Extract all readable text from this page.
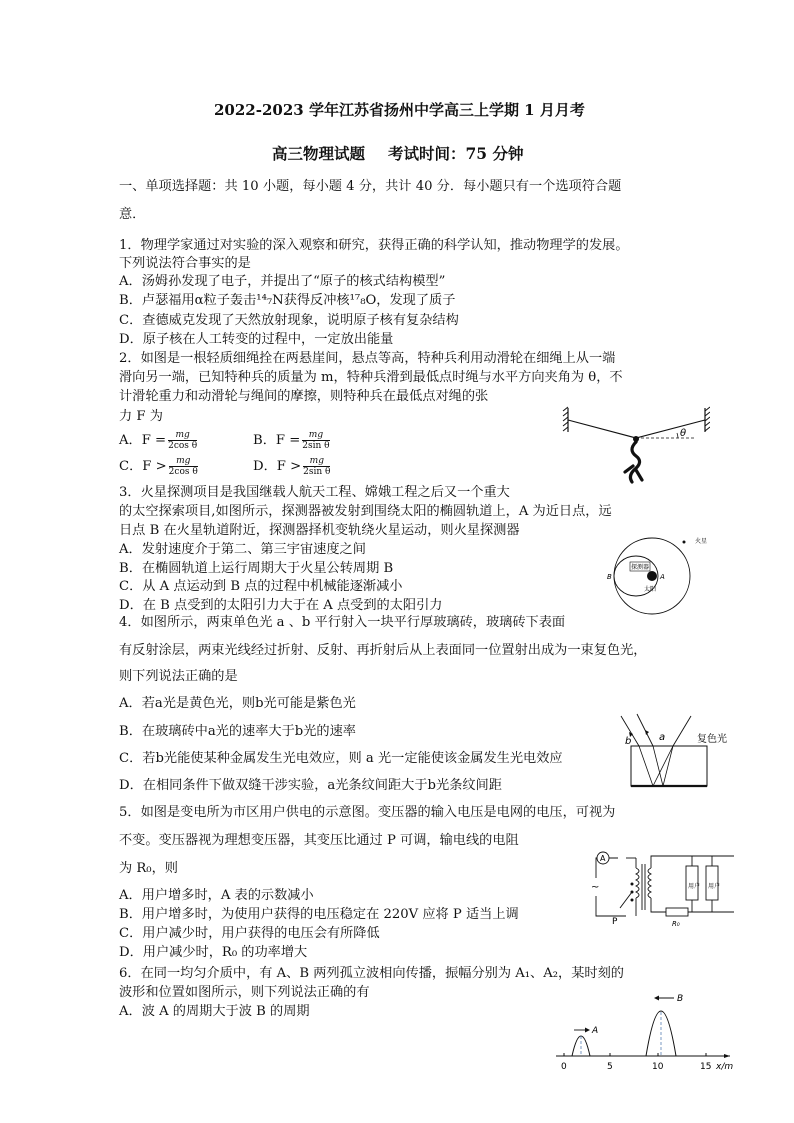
2022-2023 学年江苏省扬州中学高三上学期 1 月月考
高三物理试题 考试时间：75 分钟
一、单项选择题：共 10 小题，每小题 4 分，共计 40 分．每小题只有一个选项符合题
意．
1．物理学家通过对实验的深入观察和研究，获得正确的科学认知，推动物理学的发展。
下列说法符合事实的是
A．汤姆孙发现了电子，并提出了“原子的核式结构模型”
B．卢瑟福用α粒子轰击¹⁴₇N获得反冲核¹⁷₈O，发现了质子
C．查德威克发现了天然放射现象，说明原子核有复杂结构
D．原子核在人工转变的过程中，一定放出能量
2．如图是一根轻质细绳拴在两悬崖间，悬点等高，特种兵利用动滑轮在细绳上从一端
滑向另一端，已知特种兵的质量为 m，特种兵滑到最低点时绳与水平方向夹角为 θ，不
计滑轮重力和动滑轮与绳间的摩擦，则特种兵在最低点对绳的张
力 F 为
A．$F = \frac{mg}{\text{2cos θ}}$	B．$F = \frac{mg}{\text{2sin θ}}$
C．$F > \frac{mg}{\text{2cos θ}}$	D．$F > \frac{mg}{\text{2sin θ}}$
θ
3．火星探测项目是我国继载人航天工程、嫦娥工程之后又一个重大
的太空探索项目,如图所示，探测器被发射到围绕太阳的椭圆轨道上，A 为近日点，远
日点 B 在火星轨道附近，探测器择机变轨绕火星运动，则火星探测器
A．发射速度介于第二、第三宇宙速度之间
B．在椭圆轨道上运行周期大于火星公转周期 B
C．从 A 点运动到 B 点的过程中机械能逐渐减小
D．在 B 点受到的太阳引力大于在 A 点受到的太阳引力
探测器
太阳
火星
A
B
4．如图所示，两束单色光 a 、b 平行射入一块平行厚玻璃砖，玻璃砖下表面
有反射涂层，两束光线经过折射、反射、再折射后从上表面同一位置射出成为一束复色光，
则下列说法正确的是
A．若a光是黄色光，则b光可能是紫色光
B．在玻璃砖中a光的速率大于b光的速率
C．若b光能使某种金属发生光电效应，则 a 光一定能使该金属发生光电效应
D．在相同条件下做双缝干涉实验，a光条纹间距大于b光条纹间距
b	a	复色光
5．如图是变电所为市区用户供电的示意图。变压器的输入电压是电网的电压，可视为
不变。变压器视为理想变压器，其变压比通过 P 可调，输电线的电阻
为 R₀，则
A．用户增多时，A 表的示数减小
B．用户增多时，为使用户获得的电压稳定在 220V 应将 P 适当上调
C．用户减少时，用户获得的电压会有所降低
D．用户减少时，R₀ 的功率增大
A
~
P	R₀
用户 用户
6．在同一均匀介质中，有 A、B 两列孤立波相向传播，振幅分别为 A₁、A₂，某时刻的
波形和位置如图所示，则下列说法正确的有
A．波 A 的周期大于波 B 的周期
0	5	10	15 x/m
A
B
